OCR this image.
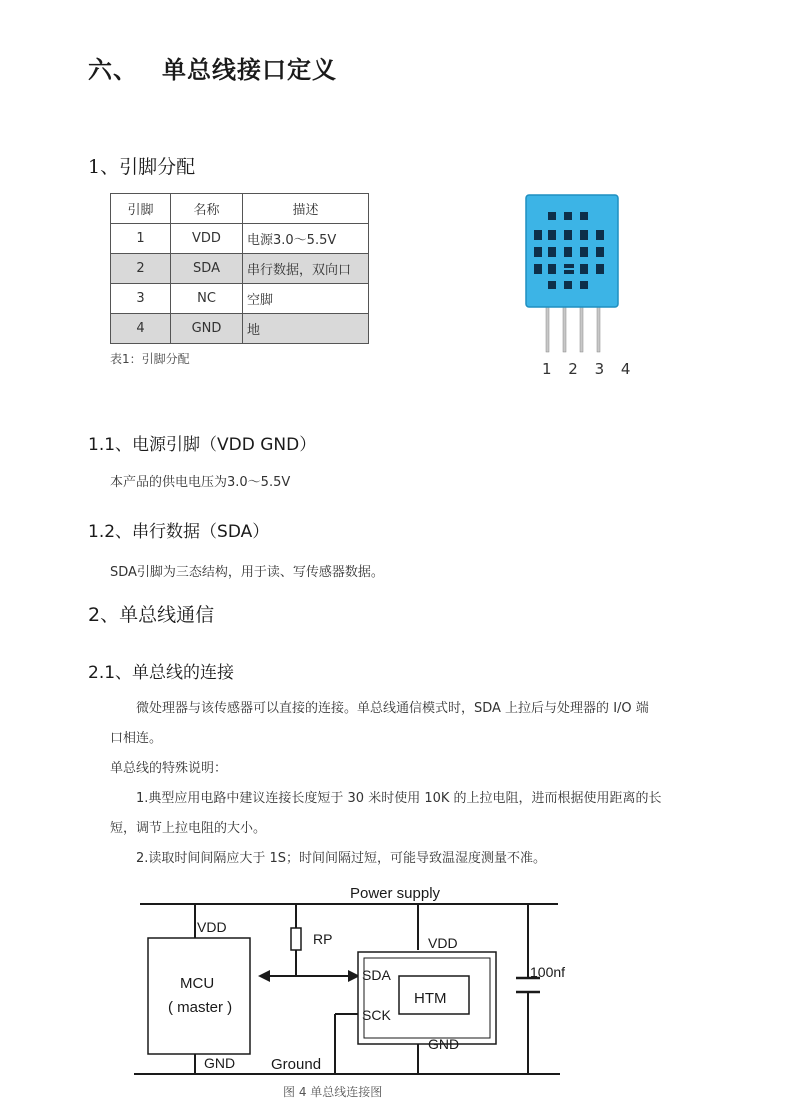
六、 单总线接口定义
1、引脚分配
引脚	名称	描述
1	VDD	电源3.0～5.5V
2	SDA	串行数据，双向口
3	NC	空脚
4	GND	地
表1：引脚分配
1 2 3 4
1.1、电源引脚（VDD GND）
本产品的供电电压为3.0～5.5V
1.2、串行数据（SDA）
SDA引脚为三态结构，用于读、写传感器数据。
2、单总线通信
2.1、单总线的连接
微处理器与该传感器可以直接的连接。单总线通信模式时，SDA 上拉后与处理器的 I/O 端
口相连。
单总线的特殊说明：
1.典型应用电路中建议连接长度短于 30 米时使用 10K 的上拉电阻，进而根据使用距离的长
短，调节上拉电阻的大小。
2.读取时间间隔应大于 1S；时间间隔过短，可能导致温湿度测量不准。
Power supply
VDD
RP	VDD
100nf
MCU
( master )
SDA
HTM
SCK
GND Ground
GND
图 4 单总线连接图
